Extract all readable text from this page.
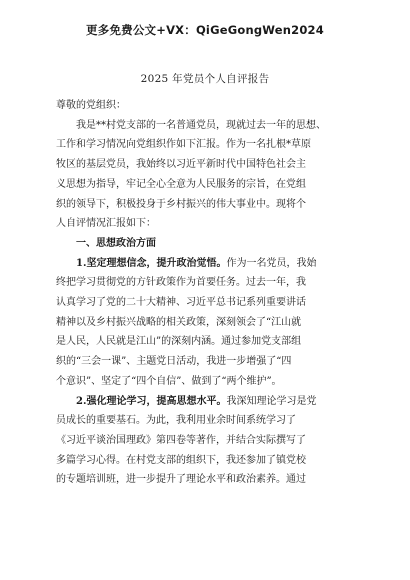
更多免费公文+VX：QiGeGongWen2024
2025 年党员个人自评报告
尊敬的党组织：
我是**村党支部的一名普通党员，现就过去一年的思想、
工作和学习情况向党组织作如下汇报。作为一名扎根*草原
牧区的基层党员，我始终以习近平新时代中国特色社会主
义思想为指导，牢记全心全意为人民服务的宗旨，在党组
织的领导下，积极投身于乡村振兴的伟大事业中。现将个
人自评情况汇报如下：
一、思想政治方面
1.坚定理想信念，提升政治觉悟。作为一名党员，我始
终把学习贯彻党的方针政策作为首要任务。过去一年，我
认真学习了党的二十大精神、习近平总书记系列重要讲话
精神以及乡村振兴战略的相关政策，深刻领会了“江山就
是人民，人民就是江山”的深刻内涵。通过参加党支部组
织的“三会一课”、主题党日活动，我进一步增强了“四
个意识”、坚定了“四个自信”、做到了“两个维护”。
2.强化理论学习，提高思想水平。我深知理论学习是党
员成长的重要基石。为此，我利用业余时间系统学习了
《习近平谈治国理政》第四卷等著作，并结合实际撰写了
多篇学习心得。在村党支部的组织下，我还参加了镇党校
的专题培训班，进一步提升了理论水平和政治素养。通过
